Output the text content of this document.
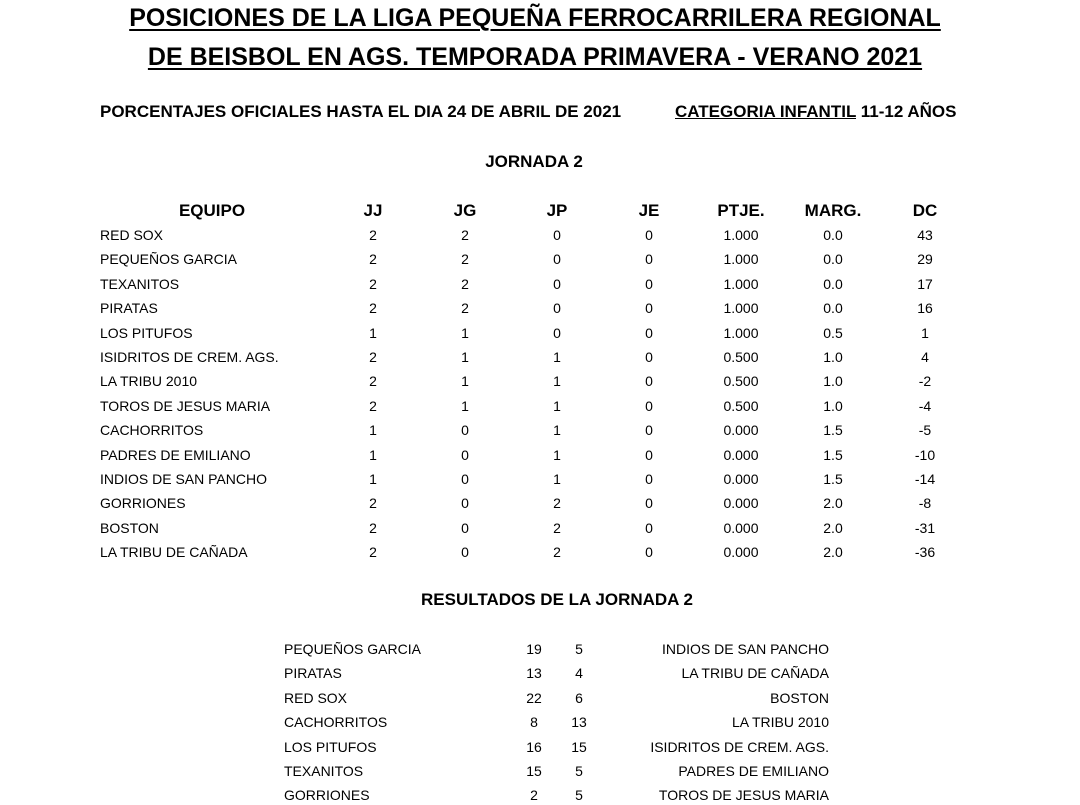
POSICIONES DE LA LIGA PEQUEÑA FERROCARRILERA REGIONAL
DE BEISBOL EN AGS. TEMPORADA PRIMAVERA - VERANO 2021
PORCENTAJES OFICIALES HASTA EL DIA 24 DE ABRIL DE 2021	CATEGORIA INFANTIL 11-12 AÑOS
JORNADA 2
EQUIPO	JJ	JG	JP	JE	PTJE.	MARG.	DC
RED SOX	2	2	0	0	1.000	0.0	43
PEQUEÑOS GARCIA	2	2	0	0	1.000	0.0	29
TEXANITOS	2	2	0	0	1.000	0.0	17
PIRATAS	2	2	0	0	1.000	0.0	16
LOS PITUFOS	1	1	0	0	1.000	0.5	1
ISIDRITOS DE CREM. AGS.	2	1	1	0	0.500	1.0	4
LA TRIBU 2010	2	1	1	0	0.500	1.0	-2
TOROS DE JESUS MARIA	2	1	1	0	0.500	1.0	-4
CACHORRITOS	1	0	1	0	0.000	1.5	-5
PADRES DE EMILIANO	1	0	1	0	0.000	1.5	-10
INDIOS DE SAN PANCHO	1	0	1	0	0.000	1.5	-14
GORRIONES	2	0	2	0	0.000	2.0	-8
BOSTON	2	0	2	0	0.000	2.0	-31
LA TRIBU DE CAÑADA	2	0	2	0	0.000	2.0	-36
RESULTADOS DE LA JORNADA 2
PEQUEÑOS GARCIA	19	5	INDIOS DE SAN PANCHO
PIRATAS	13	4	LA TRIBU DE CAÑADA
RED SOX	22	6	BOSTON
CACHORRITOS	8	13	LA TRIBU 2010
LOS PITUFOS	16	15	ISIDRITOS DE CREM. AGS.
TEXANITOS	15	5	PADRES DE EMILIANO
GORRIONES	2	5	TOROS DE JESUS MARIA
